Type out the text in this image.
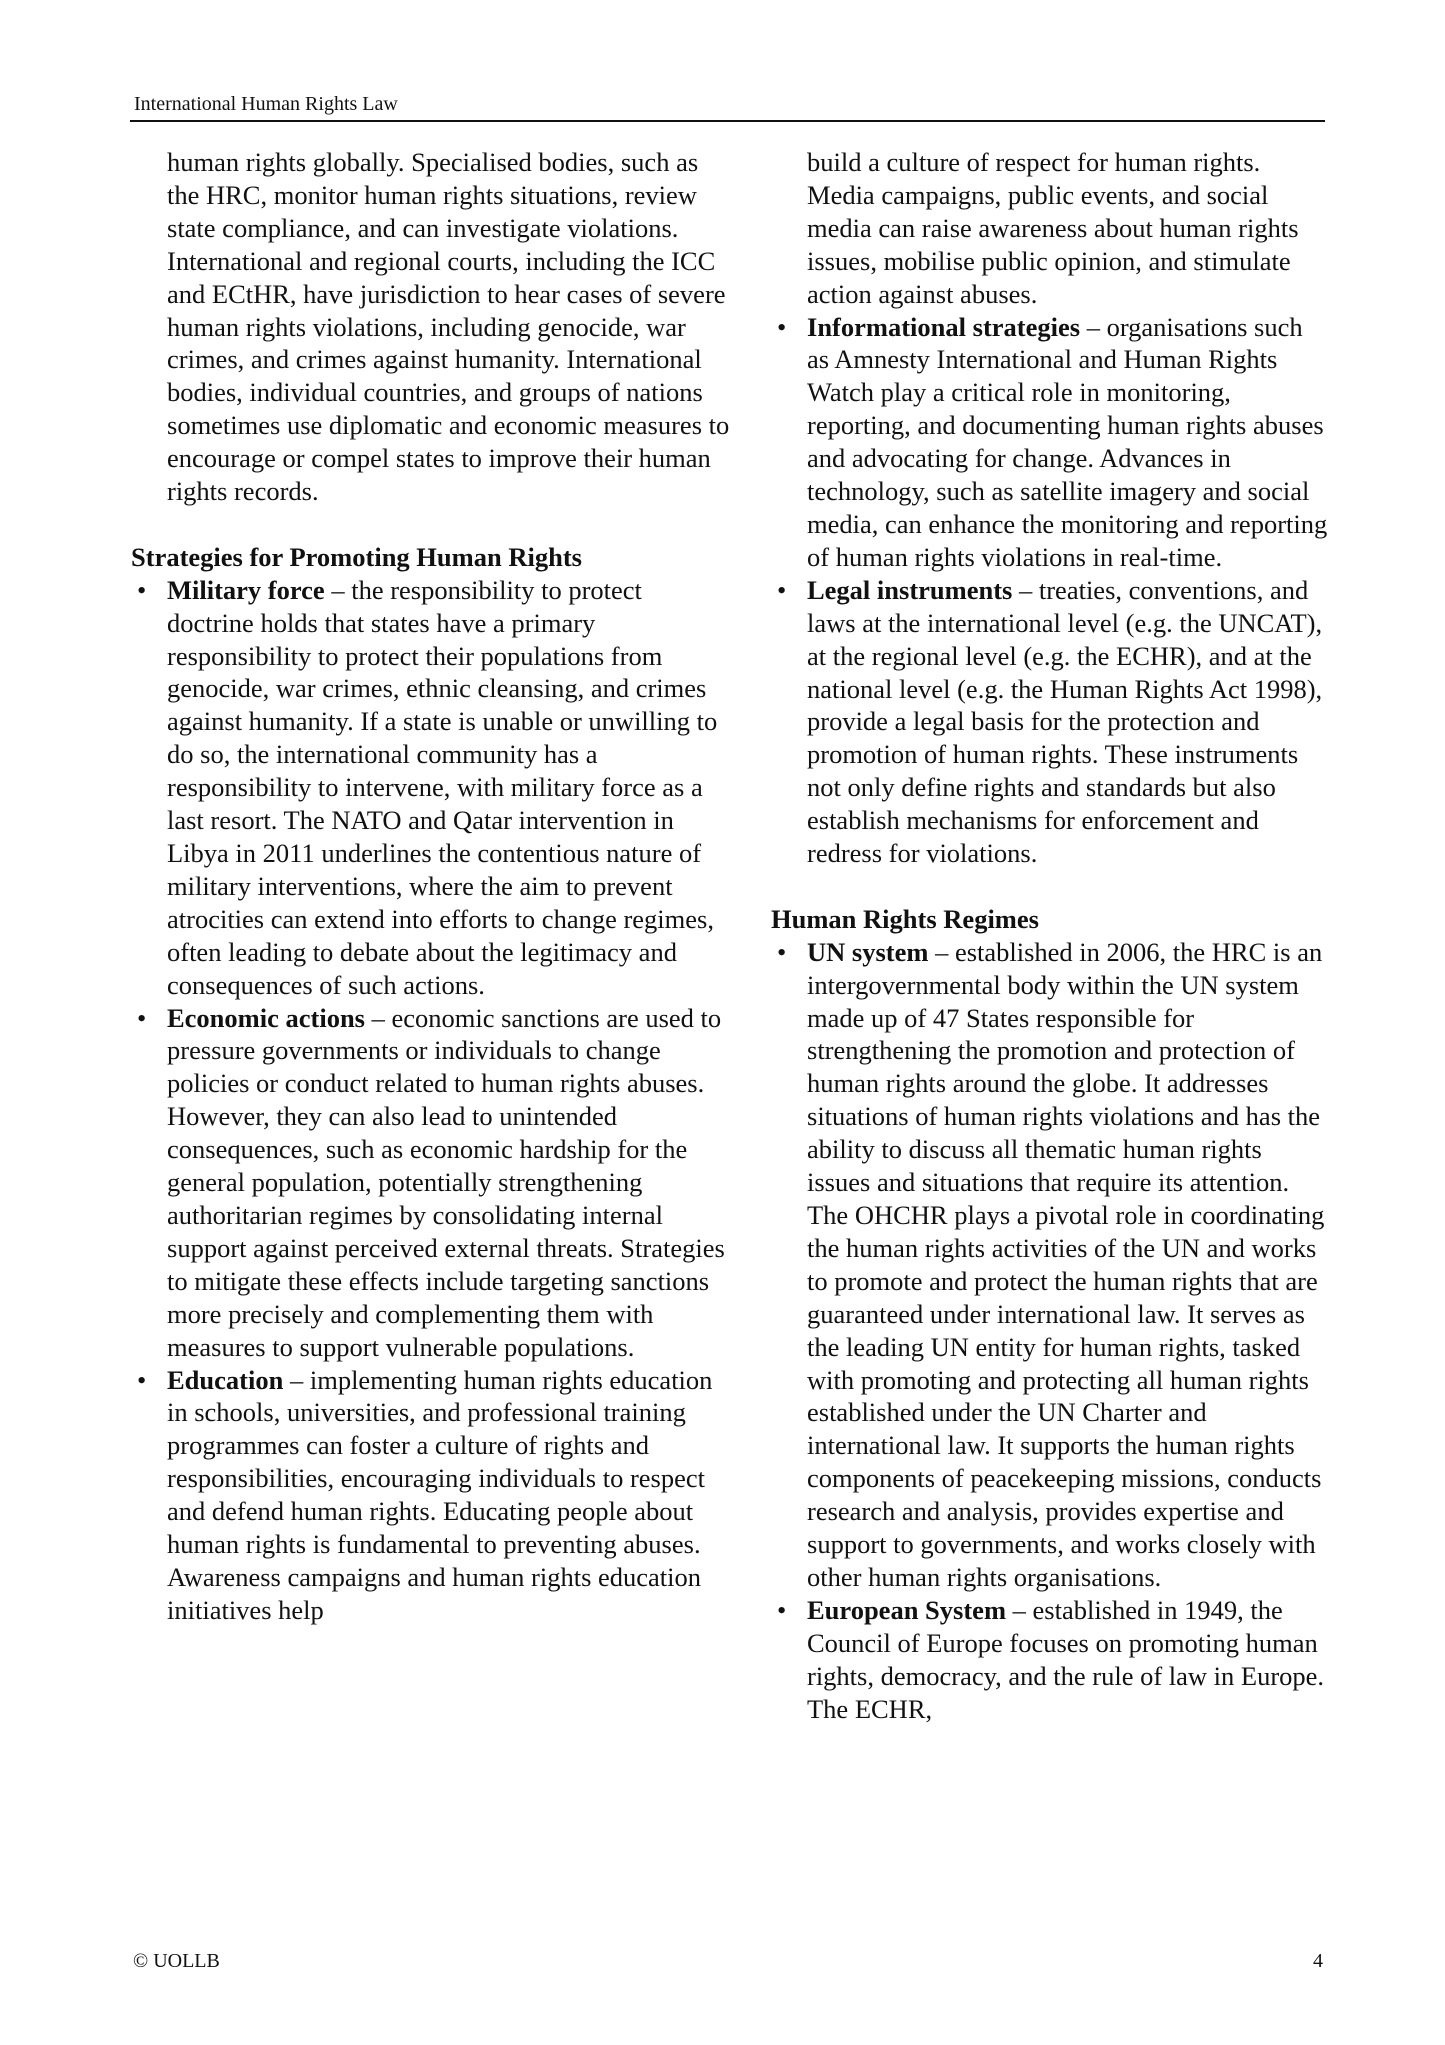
International Human Rights Law

human rights globally. Specialised bodies, such as the HRC, monitor human rights situations, review state compliance, and can investigate violations. International and regional courts, including the ICC and ECtHR, have jurisdiction to hear cases of severe human rights violations, including genocide, war crimes, and crimes against humanity. International bodies, individual countries, and groups of nations sometimes use diplomatic and economic measures to encourage or compel states to improve their human rights records.

Strategies for Promoting Human Rights
• Military force – the responsibility to protect doctrine holds that states have a primary responsibility to protect their populations from genocide, war crimes, ethnic cleansing, and crimes against humanity. If a state is unable or unwilling to do so, the international community has a responsibility to intervene, with military force as a last resort. The NATO and Qatar intervention in Libya in 2011 underlines the contentious nature of military interventions, where the aim to prevent atrocities can extend into efforts to change regimes, often leading to debate about the legitimacy and consequences of such actions.
• Economic actions – economic sanctions are used to pressure governments or individuals to change policies or conduct related to human rights abuses. However, they can also lead to unintended consequences, such as economic hardship for the general population, potentially strengthening authoritarian regimes by consolidating internal support against perceived external threats. Strategies to mitigate these effects include targeting sanctions more precisely and complementing them with measures to support vulnerable populations.
• Education – implementing human rights education in schools, universities, and professional training programmes can foster a culture of rights and responsibilities, encouraging individuals to respect and defend human rights. Educating people about human rights is fundamental to preventing abuses. Awareness campaigns and human rights education initiatives help

build a culture of respect for human rights. Media campaigns, public events, and social media can raise awareness about human rights issues, mobilise public opinion, and stimulate action against abuses.

• Informational strategies – organisations such as Amnesty International and Human Rights Watch play a critical role in monitoring, reporting, and documenting human rights abuses and advocating for change. Advances in technology, such as satellite imagery and social media, can enhance the monitoring and reporting of human rights violations in real-time.
• Legal instruments – treaties, conventions, and laws at the international level (e.g. the UNCAT), at the regional level (e.g. the ECHR), and at the national level (e.g. the Human Rights Act 1998), provide a legal basis for the protection and promotion of human rights. These instruments not only define rights and standards but also establish mechanisms for enforcement and redress for violations.
Human Rights Regimes
• UN system – established in 2006, the HRC is an intergovernmental body within the UN system made up of 47 States responsible for strengthening the promotion and protection of human rights around the globe. It addresses situations of human rights violations and has the ability to discuss all thematic human rights issues and situations that require its attention. The OHCHR plays a pivotal role in coordinating the human rights activities of the UN and works to promote and protect the human rights that are guaranteed under international law. It serves as the leading UN entity for human rights, tasked with promoting and protecting all human rights established under the UN Charter and international law. It supports the human rights components of peacekeeping missions, conducts research and analysis, provides expertise and support to governments, and works closely with other human rights organisations.
• European System – established in 1949, the Council of Europe focuses on promoting human rights, democracy, and the rule of law in Europe. The ECHR,
© UOLLB	4
